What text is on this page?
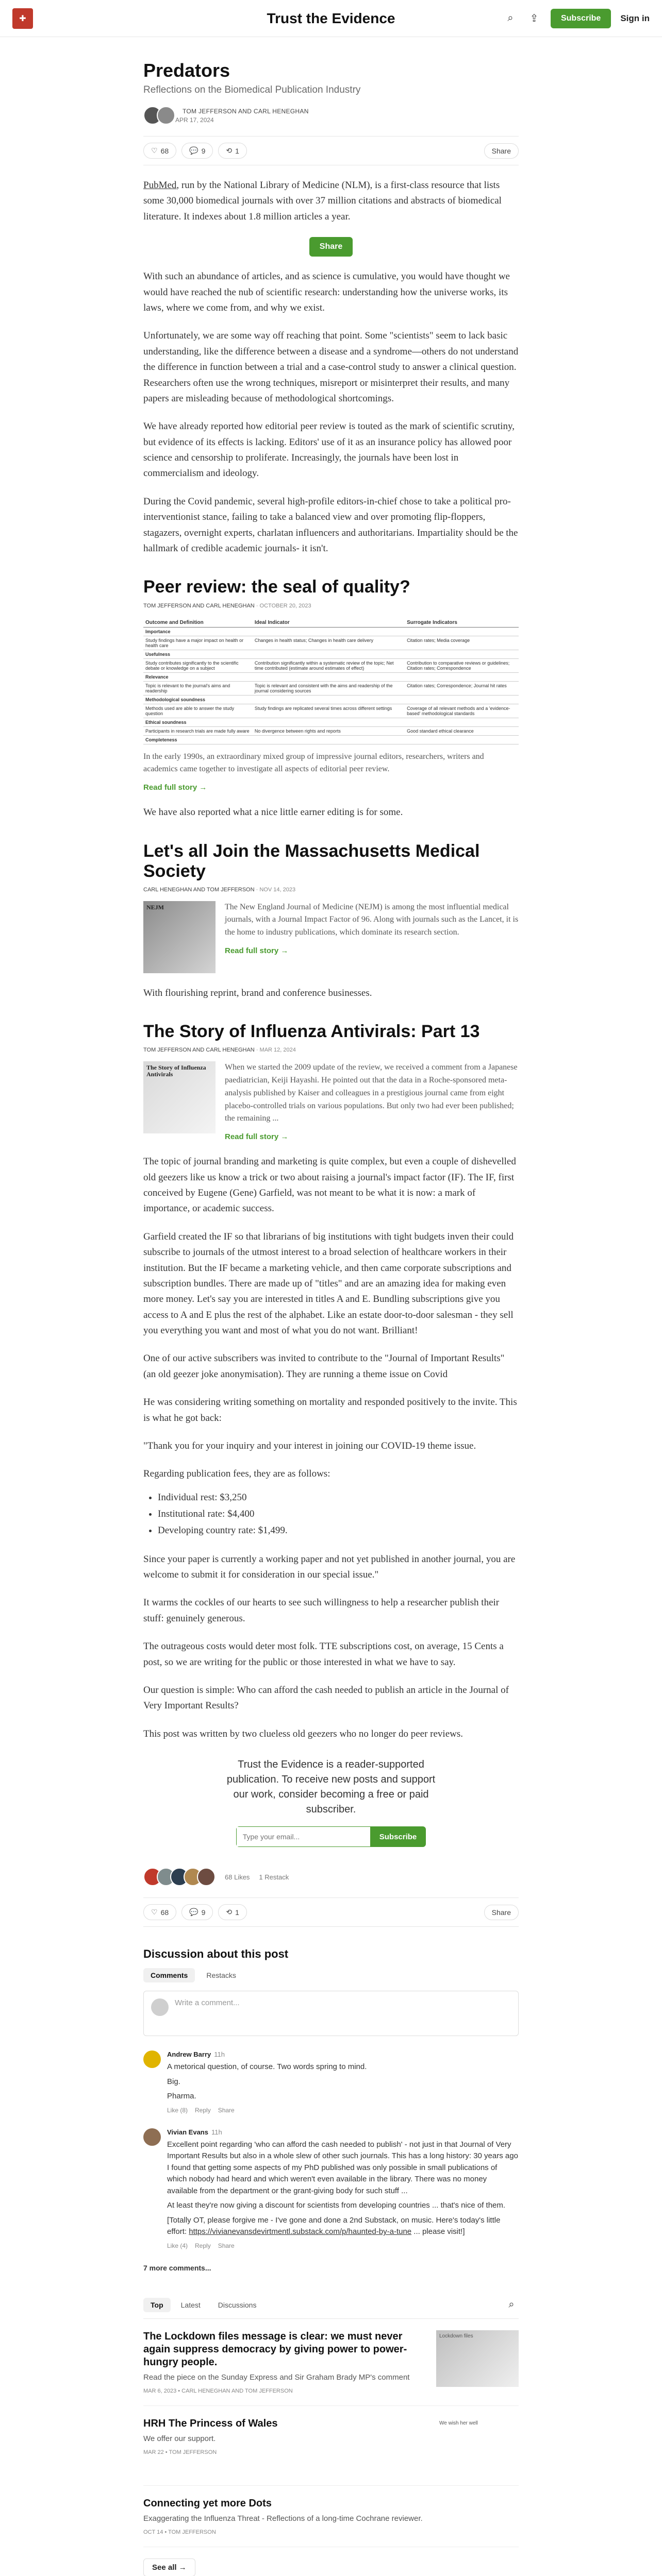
✚	Trust the Evidence	⌕	⇪	Subscribe	Sign in
Predators
Reflections on the Biomedical Publication Industry
TOM JEFFERSON AND CARL HENEGHAN
APR 17, 2024
♡ 68	💬 9	⟲ 1	Share

PubMed, run by the National Library of Medicine (NLM), is a first-class resource that lists some 30,000 biomedical journals with over 37 million citations and abstracts of biomedical literature. It indexes about 1.8 million articles a year.

Share

With such an abundance of articles, and as science is cumulative, you would have thought we would have reached the nub of scientific research: understanding how the universe works, its laws, where we come from, and why we exist.

Unfortunately, we are some way off reaching that point. Some "scientists" seem to lack basic understanding, like the difference between a disease and a syndrome—others do not understand the difference in function between a trial and a case-control study to answer a clinical question. Researchers often use the wrong techniques, misreport or misinterpret their results, and many papers are misleading because of methodological shortcomings.

We have already reported how editorial peer review is touted as the mark of scientific scrutiny, but evidence of its effects is lacking. Editors' use of it as an insurance policy has allowed poor science and censorship to proliferate. Increasingly, the journals have been lost in commercialism and ideology.

During the Covid pandemic, several high-profile editors-in-chief chose to take a political pro-interventionist stance, failing to take a balanced view and over promoting flip-floppers, stagazers, overnight experts, charlatan influencers and authoritarians. Impartiality should be the hallmark of credible academic journals- it isn't.

Peer review: the seal of quality?
TOM JEFFERSON AND CARL HENEGHAN · OCTOBER 20, 2023
Outcome and Definition	Ideal Indicator	Surrogate Indicators
Importance		
Study findings have a major impact on health or health care	Changes in health status; Changes in health care delivery	Citation rates; Media coverage
Usefulness		
Study contributes significantly to the scientific debate or knowledge on a subject	Contribution significantly within a systematic review of the topic; Net time contributed (estimate around estimates of effect)	Contribution to comparative reviews or guidelines; Citation rates; Correspondence
Relevance		
Topic is relevant to the journal's aims and readership	Topic is relevant and consistent with the aims and readership of the journal considering sources	Citation rates; Correspondence; Journal hit rates
Methodological soundness		
Methods used are able to answer the study question	Study findings are replicated several times across different settings	Coverage of all relevant methods and a 'evidence-based' methodological standards
Ethical soundness		
Participants in research trials are made fully aware	No divergence between rights and reports	Good standard ethical clearance
Completeness		
In the early 1990s, an extraordinary mixed group of impressive journal editors, researchers, writers and academics came together to investigate all aspects of editorial peer review.
Read full story →

We have also reported what a nice little earner editing is for some.

Let's all Join the Massachusetts Medical Society
CARL HENEGHAN AND TOM JEFFERSON · NOV 14, 2023
NEJM	The New England Journal of Medicine (NEJM) is among the most influential medical journals, with a Journal Impact Factor of 96. Along with journals such as the Lancet, it is the home to industry publications, which dominate its research section.
Read full story →

With flourishing reprint, brand and conference businesses.

The Story of Influenza Antivirals: Part 13
TOM JEFFERSON AND CARL HENEGHAN · MAR 12, 2024
The Story of Influenza Antivirals
When we started the 2009 update of the review, we received a comment from a Japanese paediatrician, Keiji Hayashi. He pointed out that the data in a Roche-sponsored meta-analysis published by Kaiser and colleagues in a prestigious journal came from eight placebo-controlled trials on various populations. But only two had ever been published; the remaining ...
Read full story →

The topic of journal branding and marketing is quite complex, but even a couple of dishevelled old geezers like us know a trick or two about raising a journal's impact factor (IF). The IF, first conceived by Eugene (Gene) Garfield, was not meant to be what it is now: a mark of importance, or academic success.

Garfield created the IF so that librarians of big institutions with tight budgets inven their could subscribe to journals of the utmost interest to a broad selection of healthcare workers in their institution. But the IF became a marketing vehicle, and then came corporate subscriptions and subscription bundles. There are made up of "titles" and are an amazing idea for making even more money. Let's say you are interested in titles A and E. Bundling subscriptions give you access to A and E plus the rest of the alphabet. Like an estate door-to-door salesman - they sell you everything you want and most of what you do not want. Brilliant!

One of our active subscribers was invited to contribute to the "Journal of Important Results" (an old geezer joke anonymisation). They are running a theme issue on Covid

He was considering writing something on mortality and responded positively to the invite. This is what he got back:

"Thank you for your inquiry and your interest in joining our COVID-19 theme issue.

Regarding publication fees, they are as follows:

• Individual rest: $3,250
• Institutional rate: $4,400
• Developing country rate: $1,499.

Since your paper is currently a working paper and not yet published in another journal, you are welcome to submit it for consideration in our special issue."

It warms the cockles of our hearts to see such willingness to help a researcher publish their stuff: genuinely generous.

The outrageous costs would deter most folk. TTE subscriptions cost, on average, 15 Cents a post, so we are writing for the public or those interested in what we have to say.

Our question is simple: Who can afford the cash needed to publish an article in the Journal of Very Important Results?

This post was written by two clueless old geezers who no longer do peer reviews.

Trust the Evidence is a reader-supported publication. To receive new posts and support our work, consider becoming a free or paid subscriber.

Type your email...
Subscribe
68 Likes 1 Restack
♡ 68	💬 9	⟲ 1	Share
Discussion about this post
Comments	Restacks
Write a comment...
Andrew Barry 11h
A metorical question, of course. Two words spring to mind.
Big.
Pharma.
Like (8) Reply Share
Vivian Evans 11h
Excellent point regarding 'who can afford the cash needed to publish' - not just in that Journal of Very Important Results but also in a whole slew of other such journals. This has a long history: 30 years ago I found that getting some aspects of my PhD published was only possible in small publications of which nobody had heard and which weren't even available in the library. There was no money available from the department or the grant-giving body for such stuff ...
At least they're now giving a discount for scientists from developing countries ... that's nice of them.
[Totally OT, please forgive me - I've gone and done a 2nd Substack, on music. Here's today's little effort: https://vivianevansdevirtmentl.substack.com/p/haunted-by-a-tune ... please visit!]
Like (4) Reply Share
7 more comments...
Top	Latest	Discussions	⌕
The Lockdown files message is clear: we must never again suppress democracy by giving power to power-hungry people.
Read the piece on the Sunday Express and Sir Graham Brady MP's comment
MAR 6, 2023 • CARL HENEGHAN AND TOM JEFFERSON
Lockdown files
HRH The Princess of Wales
We offer our support.
MAR 22 • TOM JEFFERSON
We wish her well
Connecting yet more Dots
Exaggerating the Influenza Threat - Reflections of a long-time Cochrane reviewer.
OCT 14 • TOM JEFFERSON
See all →
